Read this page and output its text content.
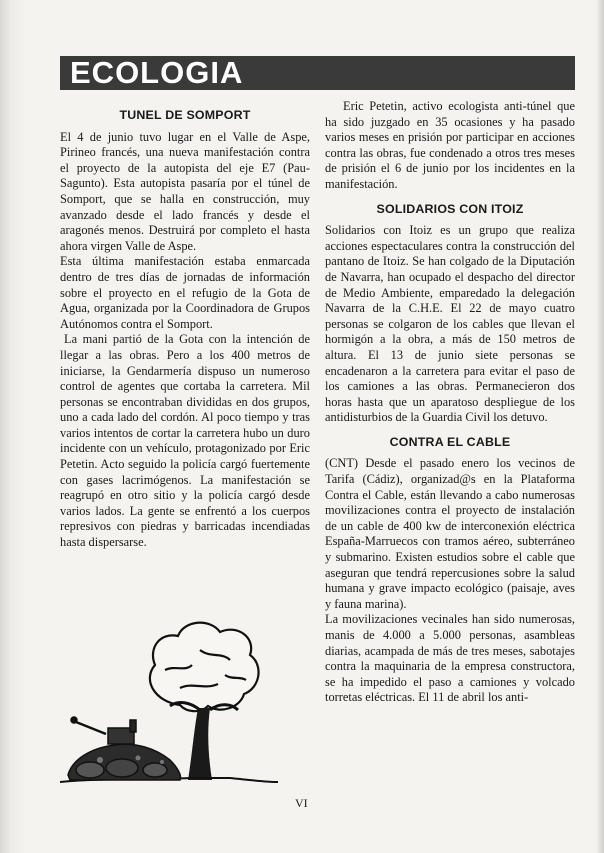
ECOLOGIA
TUNEL DE SOMPORT

El 4 de junio tuvo lugar en el Valle de Aspe, Pirineo francés, una nueva manifestación contra el proyecto de la autopista del eje E7 (Pau-Sagunto). Esta autopista pasaría por el túnel de Somport, que se halla en construcción, muy avanzado desde el lado francés y desde el aragonés menos. Destruirá por completo el hasta ahora virgen Valle de Aspe.

Esta última manifestación estaba enmarcada dentro de tres días de jornadas de información sobre el proyecto en el refugio de la Gota de Agua, organizada por la Coordinadora de Grupos Autónomos contra el Somport.

La mani partió de la Gota con la intención de llegar a las obras. Pero a los 400 metros de iniciarse, la Gendarmería dispuso un numeroso control de agentes que cortaba la carretera. Mil personas se encontraban divididas en dos grupos, uno a cada lado del cordón. Al poco tiempo y tras varios intentos de cortar la carretera hubo un duro incidente con un vehículo, protagonizado por Eric Petetin. Acto seguido la policía cargó fuertemente con gases lacrimógenos. La manifestación se reagrupó en otro sitio y la policía cargó desde varios lados. La gente se enfrentó a los cuerpos represivos con piedras y barricadas incendiadas hasta dispersarse.

Eric Petetin, activo ecologista anti-túnel que ha sido juzgado en 35 ocasiones y ha pasado varios meses en prisión por participar en acciones contra las obras, fue condenado a otros tres meses de prisión el 6 de junio por los incidentes en la manifestación.

SOLIDARIOS CON ITOIZ

Solidarios con Itoiz es un grupo que realiza acciones espectaculares contra la construcción del pantano de Itoiz. Se han colgado de la Diputación de Navarra, han ocupado el despacho del director de Medio Ambiente, emparedado la delegación Navarra de la C.H.E. El 22 de mayo cuatro personas se colgaron de los cables que llevan el hormigón a la obra, a más de 150 metros de altura. El 13 de junio siete personas se encadenaron a la carretera para evitar el paso de los camiones a las obras. Permanecieron dos horas hasta que un aparatoso despliegue de los antidisturbios de la Guardia Civil los detuvo.

CONTRA EL CABLE

(CNT) Desde el pasado enero los vecinos de Tarifa (Cádiz), organizad@s en la Plataforma Contra el Cable, están llevando a cabo numerosas movilizaciones contra el proyecto de instalación de un cable de 400 kw de interconexión eléctrica España-Marruecos con tramos aéreo, subterráneo y submarino. Existen estudios sobre el cable que aseguran que tendrá repercusiones sobre la salud humana y grave impacto ecológico (paisaje, aves y fauna marina).

La movilizaciones vecinales han sido numerosas, manis de 4.000 a 5.000 personas, asambleas diarias, acampada de más de tres meses, sabotajes contra la maquinaria de la empresa constructora, se ha impedido el paso a camiones y volcado torretas eléctricas. El 11 de abril los anti-

VI
